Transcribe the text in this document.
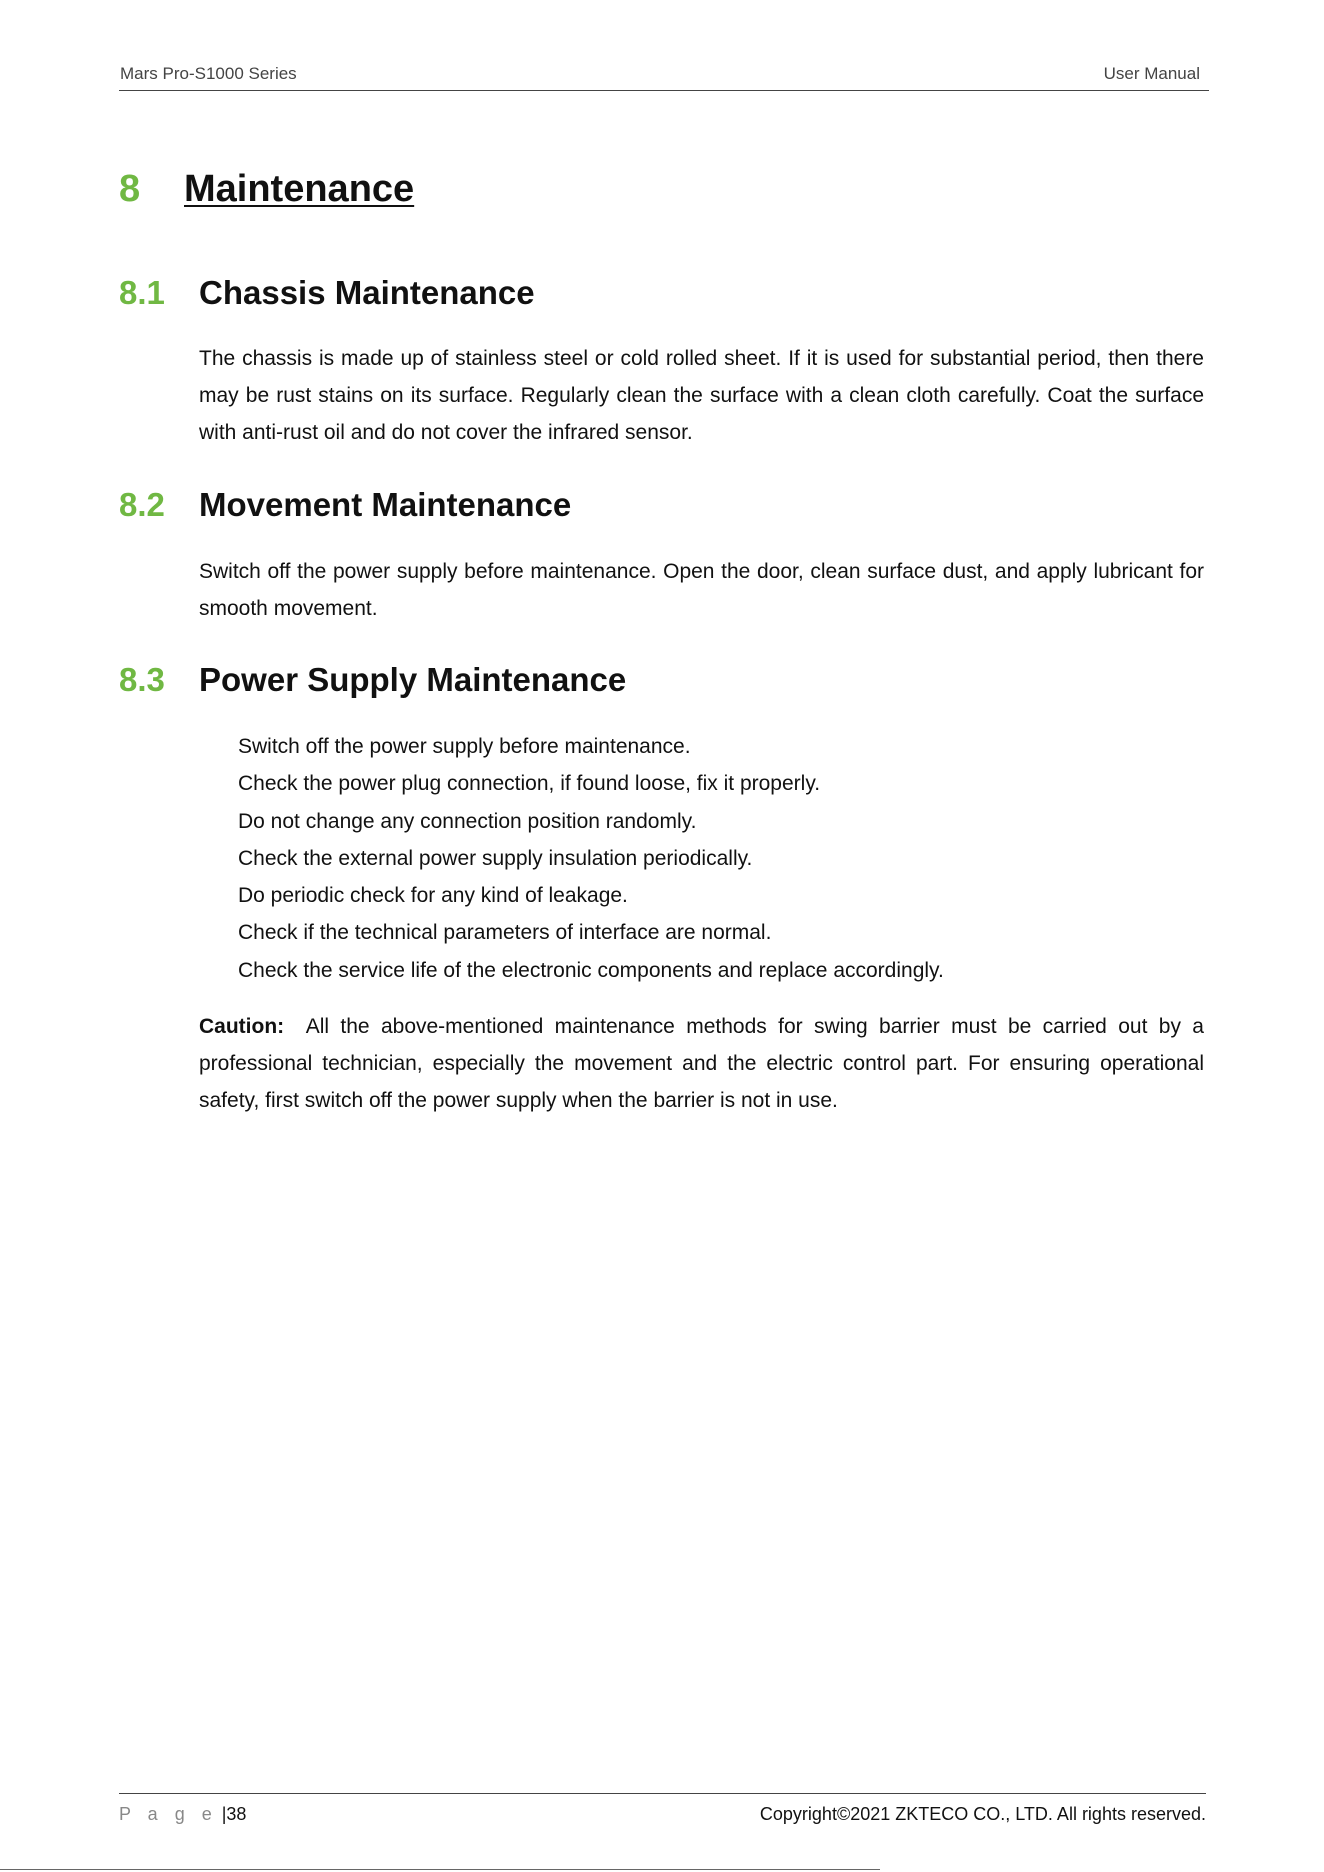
Mars Pro-S1000 Series	User Manual
8 Maintenance
8.1 Chassis Maintenance

The chassis is made up of stainless steel or cold rolled sheet. If it is used for substantial period, then there may be rust stains on its surface. Regularly clean the surface with a clean cloth carefully. Coat the surface with anti-rust oil and do not cover the infrared sensor.

8.2 Movement Maintenance

Switch off the power supply before maintenance. Open the door, clean surface dust, and apply lubricant for smooth movement.

8.3 Power Supply Maintenance
Switch off the power supply before maintenance.
Check the power plug connection, if found loose, fix it properly.
Do not change any connection position randomly.
Check the external power supply insulation periodically.
Do periodic check for any kind of leakage.
Check if the technical parameters of interface are normal.
Check the service life of the electronic components and replace accordingly.

Caution: All the above-mentioned maintenance methods for swing barrier must be carried out by a professional technician, especially the movement and the electric control part. For ensuring operational safety, first switch off the power supply when the barrier is not in use.

P a g e |38	Copyright©2021 ZKTECO CO., LTD. All rights reserved.
